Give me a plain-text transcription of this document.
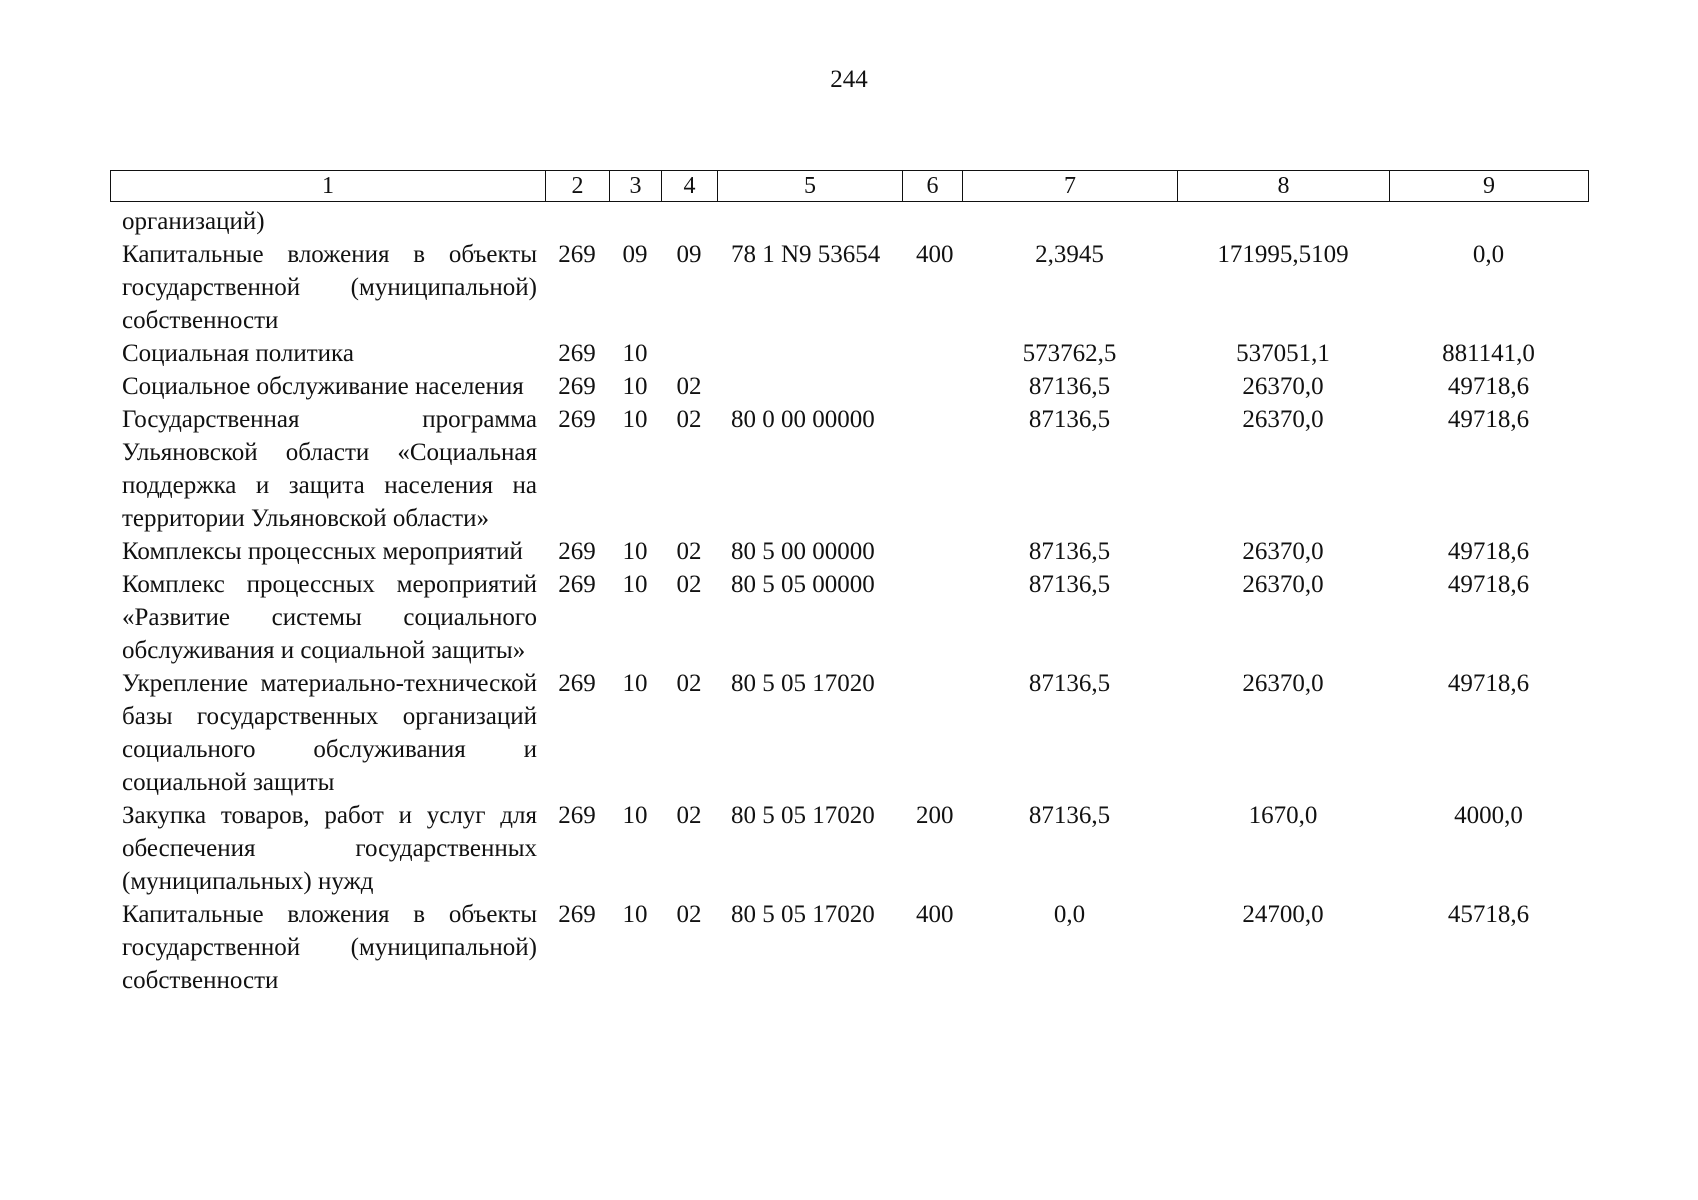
244
1	2	3	4	5	6	7	8	9
организаций)								
Капитальные вложения в объекты государственной (муниципальной) собственности	269	09	09	78 1 N9 53654	400	2,3945	171995,5109	0,0
Социальная политика	269	10				573762,5	537051,1	881141,0
Социальное обслуживание населения	269	10	02			87136,5	26370,0	49718,6
Государственная программа Ульяновской области «Социальная поддержка и защита населения на территории Ульяновской области»	269	10	02	80 0 00 00000		87136,5	26370,0	49718,6
Комплексы процессных мероприятий	269	10	02	80 5 00 00000		87136,5	26370,0	49718,6
Комплекс процессных мероприятий «Развитие системы социального обслуживания и социальной защиты»	269	10	02	80 5 05 00000		87136,5	26370,0	49718,6
Укрепление материально-технической базы государственных организаций социального обслуживания и социальной защиты	269	10	02	80 5 05 17020		87136,5	26370,0	49718,6
Закупка товаров, работ и услуг для обеспечения государственных (муниципальных) нужд	269	10	02	80 5 05 17020	200	87136,5	1670,0	4000,0
Капитальные вложения в объекты государственной (муниципальной) собственности	269	10	02	80 5 05 17020	400	0,0	24700,0	45718,6
